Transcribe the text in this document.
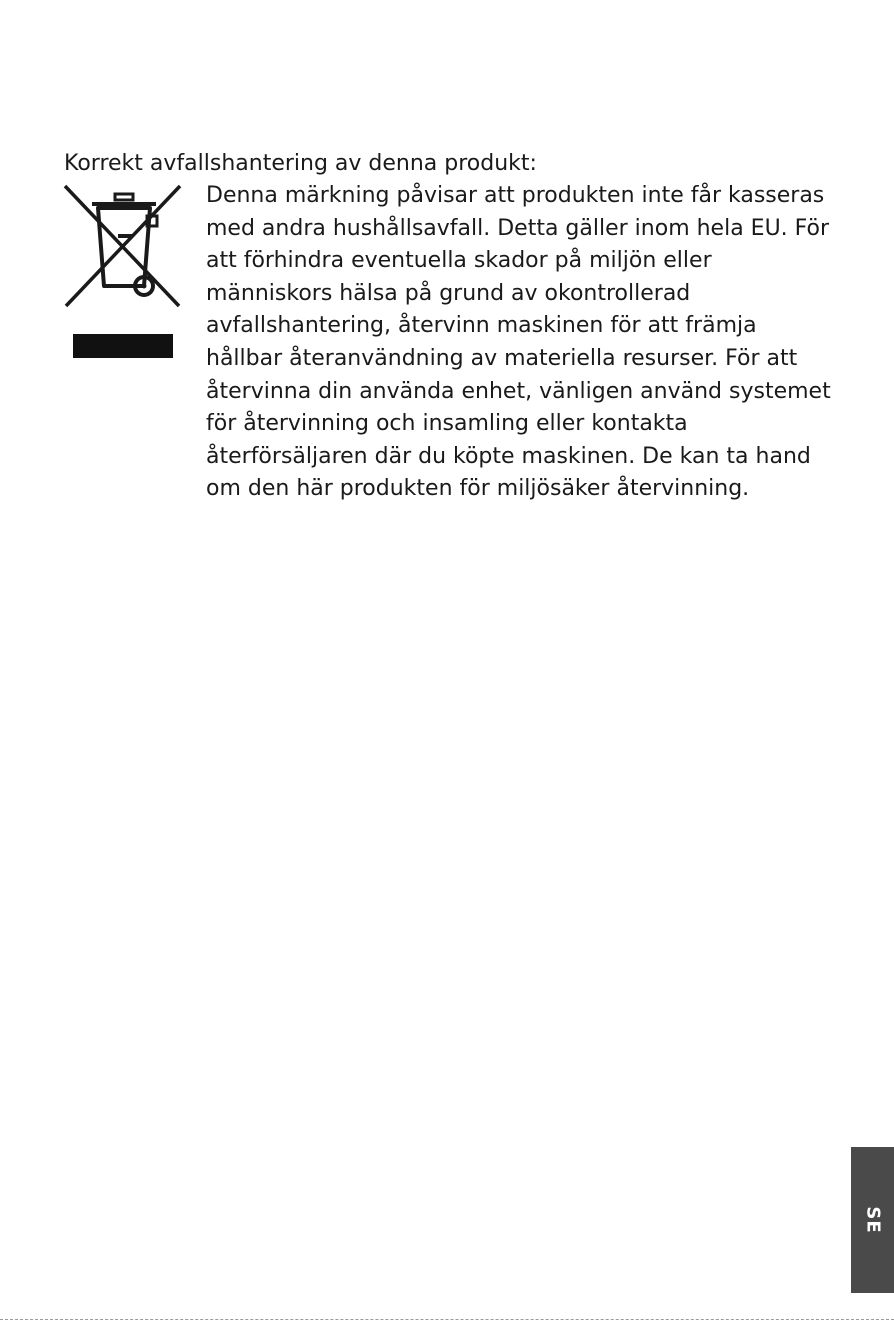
Korrekt avfallshantering av denna produkt:

Denna märkning påvisar att produkten inte får kasseras
med andra hushållsavfall. Detta gäller inom hela EU. För
att förhindra eventuella skador på miljön eller
människors hälsa på grund av okontrollerad
avfallshantering, återvinn maskinen för att främja
hållbar återanvändning av materiella resurser. För att
återvinna din använda enhet, vänligen använd systemet
för återvinning och insamling eller kontakta
återförsäljaren där du köpte maskinen. De kan ta hand
om den här produkten för miljösäker återvinning.

SE
